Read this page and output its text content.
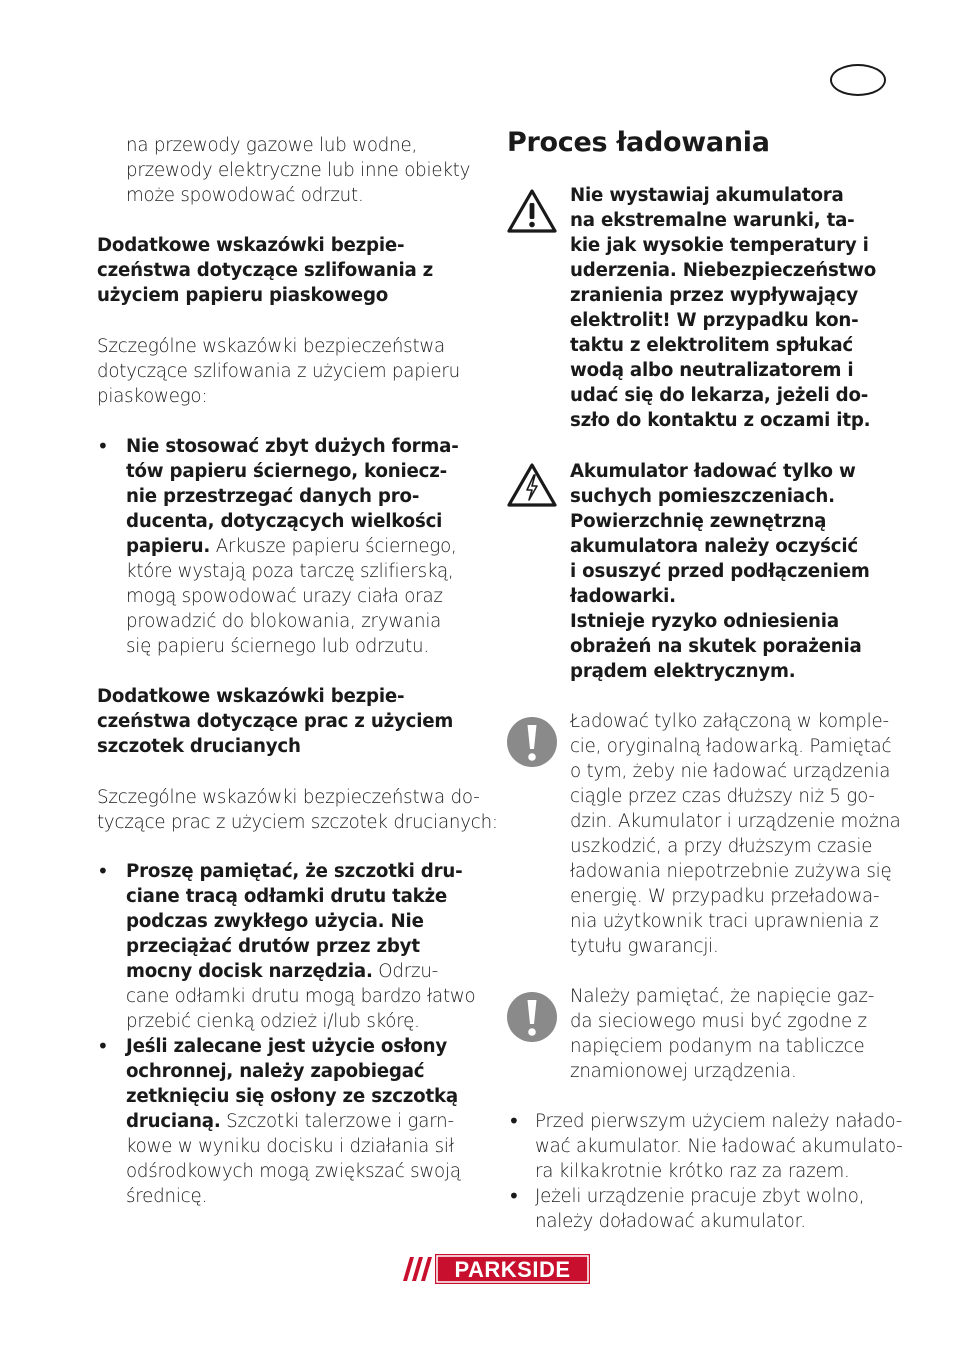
na przewody gazowe lub wodne,
przewody elektryczne lub inne obiekty
może spowodować odrzut.
Dodatkowe wskazówki bezpie-
czeństwa dotyczące szlifowania z
użyciem papieru piaskowego
Szczególne wskazówki bezpieczeństwa
dotyczące szlifowania z użyciem papieru
piaskowego:
• Nie stosować zbyt dużych forma-
tów papieru ściernego, koniecz-
nie przestrzegać danych pro-
ducenta, dotyczących wielkości
papieru. Arkusze papieru ściernego,
które wystają poza tarczę szlifierską,
mogą spowodować urazy ciała oraz
prowadzić do blokowania, zrywania
się papieru ściernego lub odrzutu.
Dodatkowe wskazówki bezpie-
czeństwa dotyczące prac z użyciem
szczotek drucianych
Szczególne wskazówki bezpieczeństwa do-
tyczące prac z użyciem szczotek drucianych:
• Proszę pamiętać, że szczotki dru-
ciane tracą odłamki drutu także
podczas zwykłego użycia. Nie
przeciążać drutów przez zbyt
mocny docisk narzędzia. Odrzu-
cane odłamki drutu mogą bardzo łatwo
przebić cienką odzież i/lub skórę.
• Jeśli zalecane jest użycie osłony
ochronnej, należy zapobiegać
zetknięciu się osłony ze szczotką
drucianą. Szczotki talerzowe i garn-
kowe w wyniku docisku i działania sił
odśrodkowych mogą zwiększać swoją
średnicę.
Proces ładowania
Nie wystawiaj akumulatora
na ekstremalne warunki, ta-
kie jak wysokie temperatury i
uderzenia. Niebezpieczeństwo
zranienia przez wypływający
elektrolit! W przypadku kon-
taktu z elektrolitem spłukać
wodą albo neutralizatorem i
udać się do lekarza, jeżeli do-
szło do kontaktu z oczami itp.
Akumulator ładować tylko w
suchych pomieszczeniach.
Powierzchnię zewnętrzną
akumulatora należy oczyścić
i osuszyć przed podłączeniem
ładowarki.
Istnieje ryzyko odniesienia
obrażeń na skutek porażenia
prądem elektrycznym.
Ładować tylko załączoną w komple-
cie, oryginalną ładowarką. Pamiętać
o tym, żeby nie ładować urządzenia
ciągle przez czas dłuższy niż 5 go-
dzin. Akumulator i urządzenie można
uszkodzić, a przy dłuższym czasie
ładowania niepotrzebnie zużywa się
energię. W przypadku przeładowa-
nia użytkownik traci uprawnienia z
tytułu gwarancji.
Należy pamiętać, że napięcie gaz-
da sieciowego musi być zgodne z
napięciem podanym na tabliczce
znamionowej urządzenia.
• Przed pierwszym użyciem należy nałado-
wać akumulator. Nie ładować akumulato-
ra kilkakrotnie krótko raz za razem.
• Jeżeli urządzenie pracuje zbyt wolno,
należy doładować akumulator.
PARKSIDE
